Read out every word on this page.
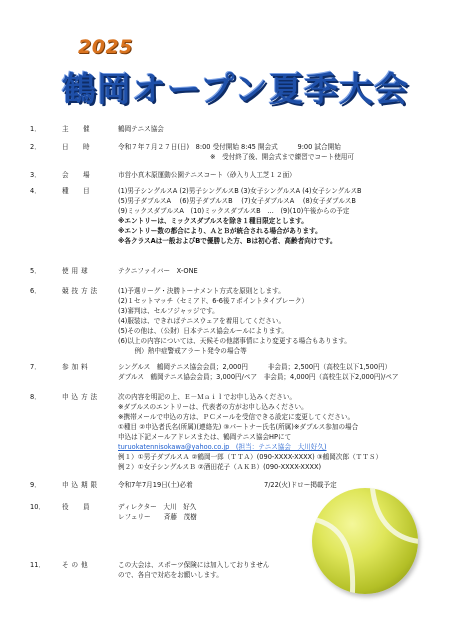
2025
鶴岡オープン夏季大会
1．	主　　催	鶴岡テニス協会
2．	日　　時	令和７年７月２７日(日)　8:00 受付開始 8:45 開会式　　　9:00 試合開始
※　受付終了後、開会式まで練習でコート使用可
3．	会　　場	市営小真木原運動公園テニスコート（砂入り人工芝１２面）
4．	種　　目	(1)男子シングルスA (2)男子シングルスB (3)女子シングルスA (4)女子シングルスB
(5)男子ダブルスA　 (6)男子ダブルスB　 (7)女子ダブルスA　 (8)女子ダブルスB
(9)ミックスダブルスA　(10)ミックスダブルスB　…　(9)(10)午後からの予定
※エントリーは、ミックスダブルスを除き１種目限定とします。
※エントリー数の都合により、ＡとＢが統合される場合があります。
※各クラスAは一般およびBで優勝した方、Bは初心者、高齢者向けです。
5．	使 用 球	テクニファイバー　X-ONE
6．	競 技 方 法	(1)予選リーグ・決勝トーナメント方式を原則とします。
(2)１セットマッチ（セミアド、6-6後７ポイントタイブレーク）
(3)審判は、セルフジャッジです。
(4)服装は、できればテニスウェアを着用してください。
(5)その他は、（公財）日本テニス協会ルールによります。
(6)以上の内容については、天候その他諸事情により変更する場合もあります。
　例）熱中症警戒アラート発令の場合等
7．	参 加 料	シングルス　鶴岡テニス協会会員；2,000円　　　非会員；2,500円（高校生以下1,500円）
ダブルス　鶴岡テニス協会会員；3,000円/ペア　非会員；4,000円（高校生以下2,000円)/ペア
8．	申 込 方 法	次の内容を明記の上、Ｅ－Ｍａｉｌでお申し込みください。
※ダブルスのエントリーは、代表者の方がお申し込みください。
※携帯メールで申込の方は、ＰＣメールを受信できる設定に変更してください。
①種目 ②申込者氏名(所属)(連絡先) ③パートナー氏名(所属)※ダブルス参加の場合
申込は下記メールアドレスまたは、鶴岡テニス協会HPにて
turuokatennisokawa@yahoo.co.jp　(担当：テニス協会　大川好久)
例１）①男子ダブルスＡ ②鶴岡一郎（ＴＴＡ）(090-XXXX-XXXX) ③鶴岡次郎（ＴＴＳ）
例２）①女子シングルスＢ ②酒田花子（ＡＫＢ）(090-XXXX-XXXX)
9．	申 込 期 限	令和7年7月19日(土)必着	7/22(火)ドロー掲載予定
10．	役　　員	ディレクター　大川　好久
レフェリー　　斉藤　茂樹
11．	そ の 他	この大会は、スポーツ保険には加入しておりません
ので、各自で対応をお願いします。
